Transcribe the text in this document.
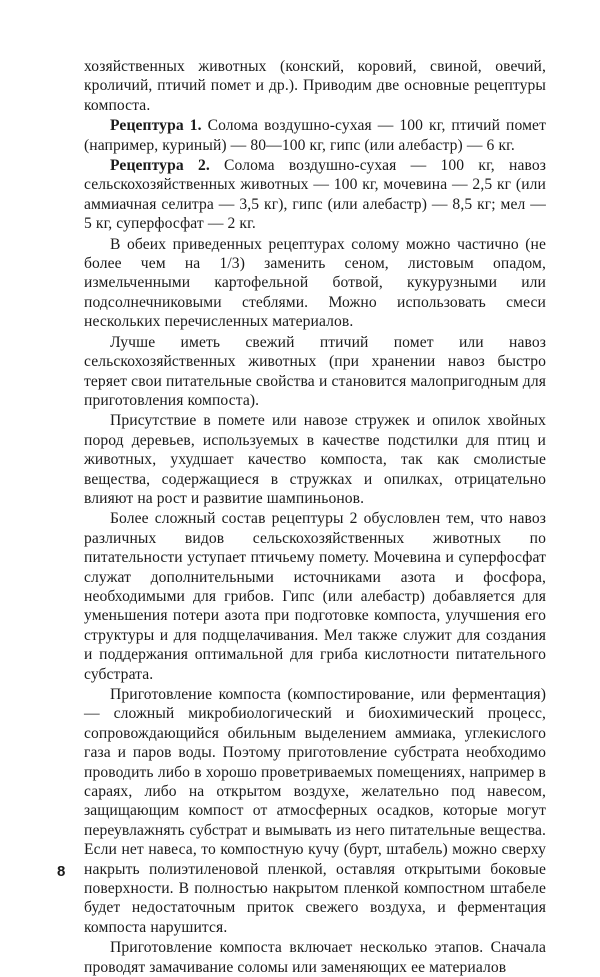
хозяйственных животных (конский, коровий, свиной, овечий, кроличий, птичий помет и др.). Приводим две основные рецептуры компоста.

Рецептура 1. Солома воздушно-сухая — 100 кг, птичий помет (например, куриный) — 80—100 кг, гипс (или алебастр) — 6 кг.

Рецептура 2. Солома воздушно-сухая — 100 кг, навоз сельскохозяйственных животных — 100 кг, мочевина — 2,5 кг (или аммиачная селитра — 3,5 кг), гипс (или алебастр) — 8,5 кг; мел — 5 кг, суперфосфат — 2 кг.

В обеих приведенных рецептурах солому можно частично (не более чем на 1/3) заменить сеном, листовым опадом, измельченными картофельной ботвой, кукурузными или подсолнечниковыми стеблями. Можно использовать смеси нескольких перечисленных материалов.

Лучше иметь свежий птичий помет или навоз сельскохозяйственных животных (при хранении навоз быстро теряет свои питательные свойства и становится малопригодным для приготовления компоста).

Присутствие в помете или навозе стружек и опилок хвойных пород деревьев, используемых в качестве подстилки для птиц и животных, ухудшает качество компоста, так как смолистые вещества, содержащиеся в стружках и опилках, отрицательно влияют на рост и развитие шампиньонов.

Более сложный состав рецептуры 2 обусловлен тем, что навоз различных видов сельскохозяйственных животных по питательности уступает птичьему помету. Мочевина и суперфосфат служат дополнительными источниками азота и фосфора, необходимыми для грибов. Гипс (или алебастр) добавляется для уменьшения потери азота при подготовке компоста, улучшения его структуры и для подщелачивания. Мел также служит для создания и поддержания оптимальной для гриба кислотности питательного субстрата.

Приготовление компоста (компостирование, или ферментация) — сложный микробиологический и биохимический процесс, сопровождающийся обильным выделением аммиака, углекислого газа и паров воды. Поэтому приготовление субстрата необходимо проводить либо в хорошо проветриваемых помещениях, например в сараях, либо на открытом воздухе, желательно под навесом, защищающим компост от атмосферных осадков, которые могут переувлажнять субстрат и вымывать из него питательные вещества. Если нет навеса, то компостную кучу (бурт, штабель) можно сверху накрыть полиэтиленовой пленкой, оставляя открытыми боковые поверхности. В полностью накрытом пленкой компостном штабеле будет недостаточным приток свежего воздуха, и ферментация компоста нарушится.

Приготовление компоста включает несколько этапов. Сначала проводят замачивание соломы или заменяющих ее материалов

8
